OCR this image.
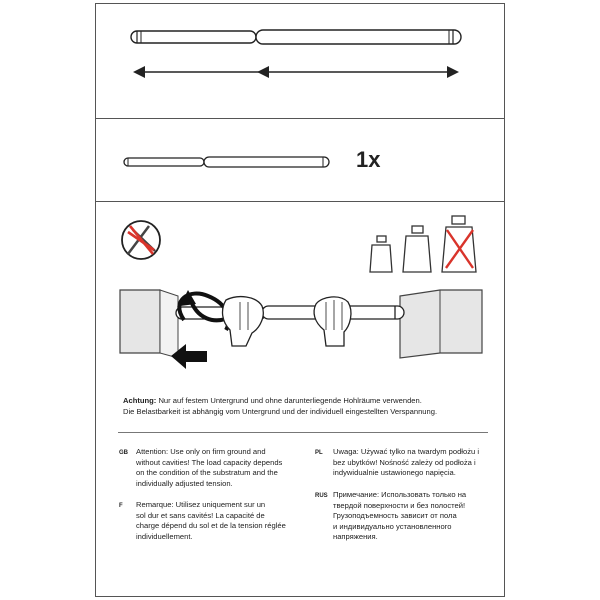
1x
Achtung: Nur auf festem Untergrund und ohne darunterliegende Hohlräume verwenden.
Die Belastbarkeit ist abhängig vom Untergrund und der individuell eingestellten Verspannung.
GB Attention: Use only on firm ground and
without cavities! The load capacity depends
on the condition of the substratum and the
individually adjusted tension.
F Remarque: Utilisez uniquement sur un
sol dur et sans cavités! La capacité de
charge dépend du sol et de la tension réglée
individuellement.
PL Uwaga: Używać tylko na twardym podłożu i
bez ubytków! Nośność zależy od podłoża i
indywidualnie ustawionego napięcia.
RUS Примечание: Использовать только на
твердой поверхности и без полостей!
Грузоподъемность зависит от пола
и индивидуально установленного
напряжения.
